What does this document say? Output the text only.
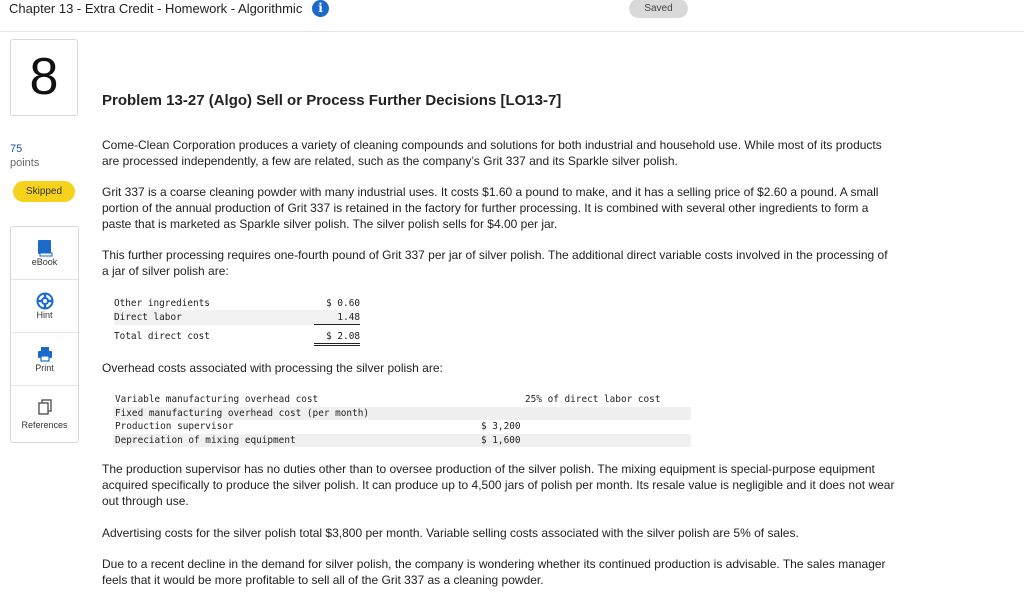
Chapter 13 - Extra Credit - Homework - Algorithmic	i	Saved
8
75
points
Skipped
eBook
Hint
Print
References
Problem 13-27 (Algo) Sell or Process Further Decisions [LO13-7]

Come-Clean Corporation produces a variety of cleaning compounds and solutions for both industrial and household use. While most of its products are processed independently, a few are related, such as the company’s Grit 337 and its Sparkle silver polish.

Grit 337 is a coarse cleaning powder with many industrial uses. It costs $1.60 a pound to make, and it has a selling price of $2.60 a pound. A small portion of the annual production of Grit 337 is retained in the factory for further processing. It is combined with several other ingredients to form a paste that is marketed as Sparkle silver polish. The silver polish sells for $4.00 per jar.

This further processing requires one-fourth pound of Grit 337 per jar of silver polish. The additional direct variable costs involved in the processing of a jar of silver polish are:

Other ingredients	$ 0.60
Direct labor	1.48
Total direct cost	$ 2.08

Overhead costs associated with processing the silver polish are:

Variable manufacturing overhead cost		25% of direct labor cost
Fixed manufacturing overhead cost (per month)		
Production supervisor	$ 3,200	
Depreciation of mixing equipment	$ 1,600	

The production supervisor has no duties other than to oversee production of the silver polish. The mixing equipment is special-purpose equipment acquired specifically to produce the silver polish. It can produce up to 4,500 jars of polish per month. Its resale value is negligible and it does not wear out through use.

Advertising costs for the silver polish total $3,800 per month. Variable selling costs associated with the silver polish are 5% of sales.

Due to a recent decline in the demand for silver polish, the company is wondering whether its continued production is advisable. The sales manager feels that it would be more profitable to sell all of the Grit 337 as a cleaning powder.
